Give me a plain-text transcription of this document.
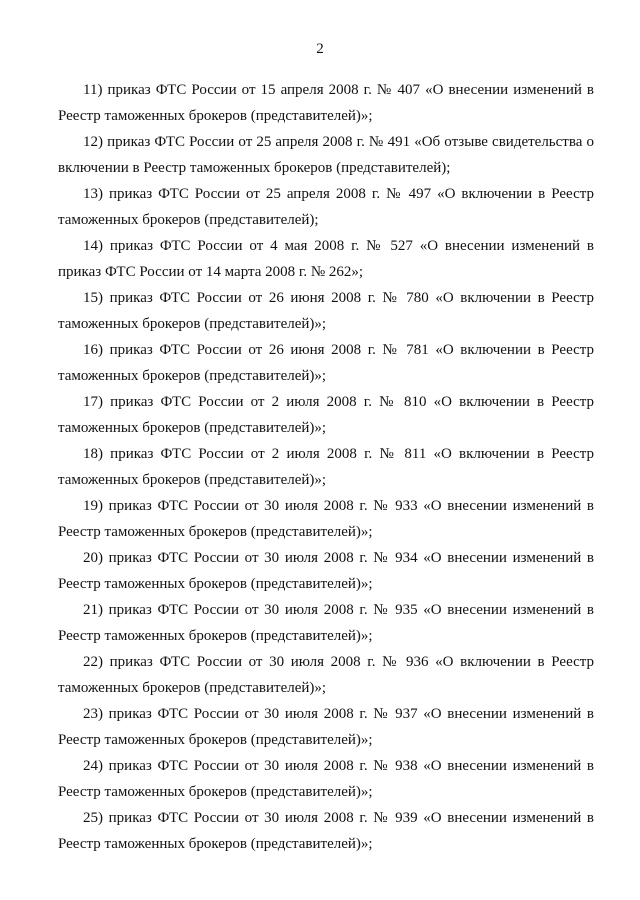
2

11) приказ ФТС России от 15 апреля 2008 г. № 407 «О внесении изменений в Реестр таможенных брокеров (представителей)»;

12) приказ ФТС России от 25 апреля 2008 г. № 491 «Об отзыве свидетельства о включении в Реестр таможенных брокеров (представителей);

13) приказ ФТС России от 25 апреля 2008 г. № 497 «О включении в Реестр таможенных брокеров (представителей);

14) приказ ФТС России от 4 мая 2008 г. № 527 «О внесении изменений в приказ ФТС России от 14 марта 2008 г. № 262»;

15) приказ ФТС России от 26 июня 2008 г. № 780 «О включении в Реестр таможенных брокеров (представителей)»;

16) приказ ФТС России от 26 июня 2008 г. № 781 «О включении в Реестр таможенных брокеров (представителей)»;

17) приказ ФТС России от 2 июля 2008 г. № 810 «О включении в Реестр таможенных брокеров (представителей)»;

18) приказ ФТС России от 2 июля 2008 г. № 811 «О включении в Реестр таможенных брокеров (представителей)»;

19) приказ ФТС России от 30 июля 2008 г. № 933 «О внесении изменений в Реестр таможенных брокеров (представителей)»;

20) приказ ФТС России от 30 июля 2008 г. № 934 «О внесении изменений в Реестр таможенных брокеров (представителей)»;

21) приказ ФТС России от 30 июля 2008 г. № 935 «О внесении изменений в Реестр таможенных брокеров (представителей)»;

22) приказ ФТС России от 30 июля 2008 г. № 936 «О включении в Реестр таможенных брокеров (представителей)»;

23) приказ ФТС России от 30 июля 2008 г. № 937 «О внесении изменений в Реестр таможенных брокеров (представителей)»;

24) приказ ФТС России от 30 июля 2008 г. № 938 «О внесении изменений в Реестр таможенных брокеров (представителей)»;

25) приказ ФТС России от 30 июля 2008 г. № 939 «О внесении изменений в Реестр таможенных брокеров (представителей)»;
